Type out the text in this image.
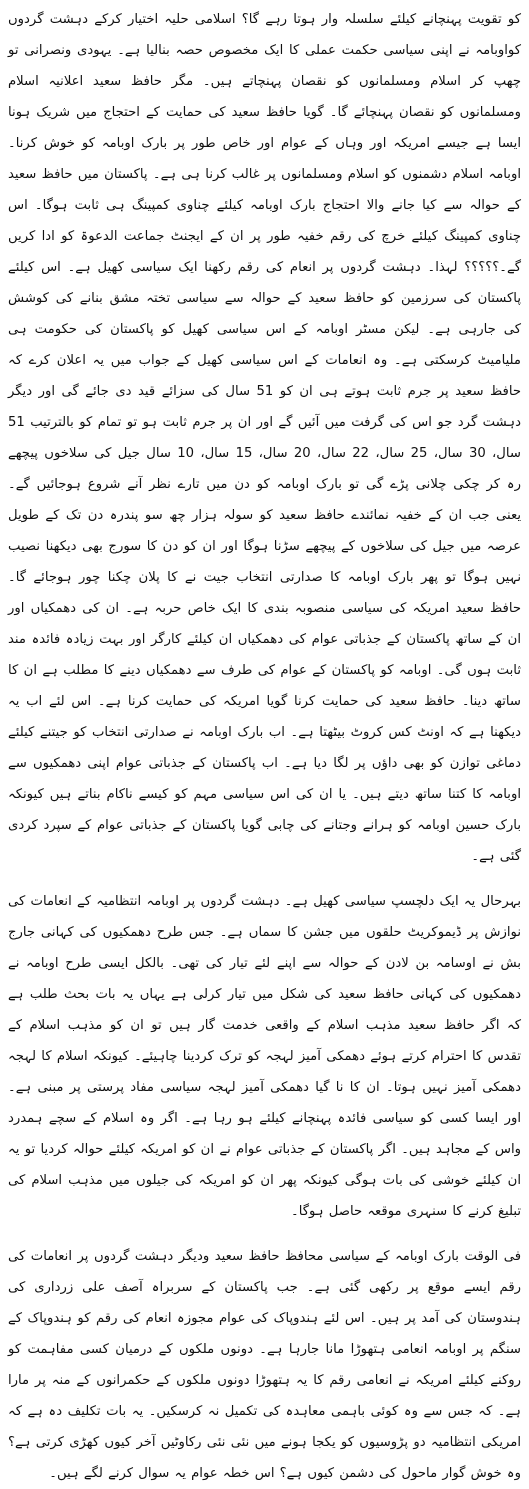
کو تقویت پہنچانے کیلئے سلسلہ وار ہوتا رہے گا؟ اسلامی حلیہ اختیار کرکے دہشت گردوں کواوبامہ نے اپنی سیاسی حکمت عملی کا ایک مخصوص حصہ بنالیا ہے۔ یہودی ونصرانی تو چھپ کر اسلام ومسلمانوں کو نقصان پہنچاتے ہیں۔ مگر حافظ سعید اعلانیہ اسلام ومسلمانوں کو نقصان پہنچائے گا۔ گویا حافظ سعید کی حمایت کے احتجاج میں شریک ہونا ایسا ہے جیسے امریکہ اور وہاں کے عوام اور خاص طور پر بارک اوبامہ کو خوش کرنا۔ اوبامہ اسلام دشمنوں کو اسلام ومسلمانوں پر غالب کرنا ہی ہے۔ پاکستان میں حافظ سعید کے حوالہ سے کیا جانے والا احتجاج بارک اوبامہ کیلئے چناوی کمپینگ ہی ثابت ہوگا۔ اس چناوی کمپینگ کیلئے خرچ کی رقم خفیہ طور پر ان کے ایجنٹ جماعت الدعوۃ کو ادا کریں گے۔؟؟؟؟؟ لہذا۔ دہشت گردوں پر انعام کی رقم رکھنا ایک سیاسی کھیل ہے۔ اس کیلئے پاکستان کی سرزمین کو حافظ سعید کے حوالہ سے سیاسی تختہ مشق بنانے کی کوشش کی جارہی ہے۔ لیکن مسٹر اوبامہ کے اس سیاسی کھیل کو پاکستان کی حکومت ہی ملیامیٹ کرسکتی ہے۔ وہ انعامات کے اس سیاسی کھیل کے جواب میں یہ اعلان کرے کہ حافظ سعید پر جرم ثابت ہوتے ہی ان کو 51 سال کی سزائے قید دی جائے گی اور دیگر دہشت گرد جو اس کی گرفت میں آئیں گے اور ان پر جرم ثابت ہو تو تمام کو بالترتیب 51 سال، 30 سال، 25 سال، 22 سال، 20 سال، 15 سال، 10 سال جیل کی سلاخوں پیچھے رہ کر چکی چلانی پڑے گی تو بارک اوبامہ کو دن میں تارے نظر آنے شروع ہوجائیں گے۔ یعنی جب ان کے خفیہ نمائندے حافظ سعید کو سولہ ہزار چھ سو پندرہ دن تک کے طویل عرصہ میں جیل کی سلاخوں کے پیچھے سڑنا ہوگا اور ان کو دن کا سورج بھی دیکھنا نصیب نہیں ہوگا تو پھر بارک اوبامہ کا صدارتی انتخاب جیت نے کا پلان چکنا چور ہوجائے گا۔ حافظ سعید امریکہ کی سیاسی منصوبہ بندی کا ایک خاص حربہ ہے۔ ان کی دھمکیاں اور ان کے ساتھ پاکستان کے جذباتی عوام کی دھمکیاں ان کیلئے کارگر اور بہت زیادہ فائدہ مند ثابت ہوں گی۔ اوبامہ کو پاکستان کے عوام کی طرف سے دھمکیاں دینے کا مطلب ہے ان کا ساتھ دینا۔ حافظ سعید کی حمایت کرنا گویا امریکہ کی حمایت کرنا ہے۔ اس لئے اب یہ دیکھنا ہے کہ اونٹ کس کروٹ بیٹھتا ہے۔ اب بارک اوبامہ نے صدارتی انتخاب کو جیتنے کیلئے دماغی توازن کو بھی داؤں پر لگا دیا ہے۔ اب پاکستان کے جذباتی عوام اپنی دھمکیوں سے اوبامہ کا کتنا ساتھ دیتے ہیں۔ یا ان کی اس سیاسی مہم کو کیسے ناکام بناتے ہیں کیونکہ بارک حسین اوبامہ کو ہرانے وجتانے کی چابی گویا پاکستان کے جذباتی عوام کے سپرد کردی گئی ہے۔

بہرحال یہ ایک دلچسپ سیاسی کھیل ہے۔ دہشت گردوں پر اوبامہ انتظامیہ کے انعامات کی نوازش پر ڈیموکریٹ حلقوں میں جشن کا سماں ہے۔ جس طرح دھمکیوں کی کہانی جارج بش نے اوسامہ بن لادن کے حوالہ سے اپنے لئے تیار کی تھی۔ بالکل ایسی طرح اوبامہ نے دھمکیوں کی کہانی حافظ سعید کی شکل میں تیار کرلی ہے یہاں یہ بات بحث طلب ہے کہ اگر حافظ سعید مذہب اسلام کے واقعی خدمت گار ہیں تو ان کو مذہب اسلام کے تقدس کا احترام کرتے ہوئے دھمکی آمیز لہجہ کو ترک کردینا چاہیئے۔ کیونکہ اسلام کا لہجہ دھمکی آمیز نہیں ہوتا۔ ان کا نا گیا دھمکی آمیز لہجہ سیاسی مفاد پرستی پر مبنی ہے۔ اور ایسا کسی کو سیاسی فائدہ پہنچانے کیلئے ہو رہا ہے۔ اگر وہ اسلام کے سچے ہمدرد واس کے مجاہد ہیں۔ اگر پاکستان کے جذباتی عوام نے ان کو امریکہ کیلئے حوالہ کردیا تو یہ ان کیلئے خوشی کی بات ہوگی کیونکہ پھر ان کو امریکہ کی جیلوں میں مذہب اسلام کی تبلیغ کرنے کا سنہری موقعہ حاصل ہوگا۔

فی الوقت بارک اوبامہ کے سیاسی محافظ حافظ سعید ودیگر دہشت گردوں پر انعامات کی رقم ایسے موقع پر رکھی گئی ہے۔ جب پاکستان کے سربراہ آصف علی زرداری کی ہندوستان کی آمد پر ہیں۔ اس لئے ہندوپاک کی عوام مجوزہ انعام کی رقم کو ہندوپاک کے سنگم پر اوبامہ انعامی ہتھوڑا مانا جارہا ہے۔ دونوں ملکوں کے درمیان کسی مفاہمت کو روکنے کیلئے امریکہ نے انعامی رقم کا یہ ہتھوڑا دونوں ملکوں کے حکمرانوں کے منہ پر مارا ہے۔ کہ جس سے وہ کوئی باہمی معاہدہ کی تکمیل نہ کرسکیں۔ یہ بات تکلیف دہ ہے کہ امریکی انتظامیہ دو پڑوسیوں کو یکجا ہونے میں نئی نئی رکاوٹیں آخر کیوں کھڑی کرتی ہے؟ وہ خوش گوار ماحول کی دشمن کیوں ہے؟ اس خطہ عوام یہ سوال کرنے لگے ہیں۔
